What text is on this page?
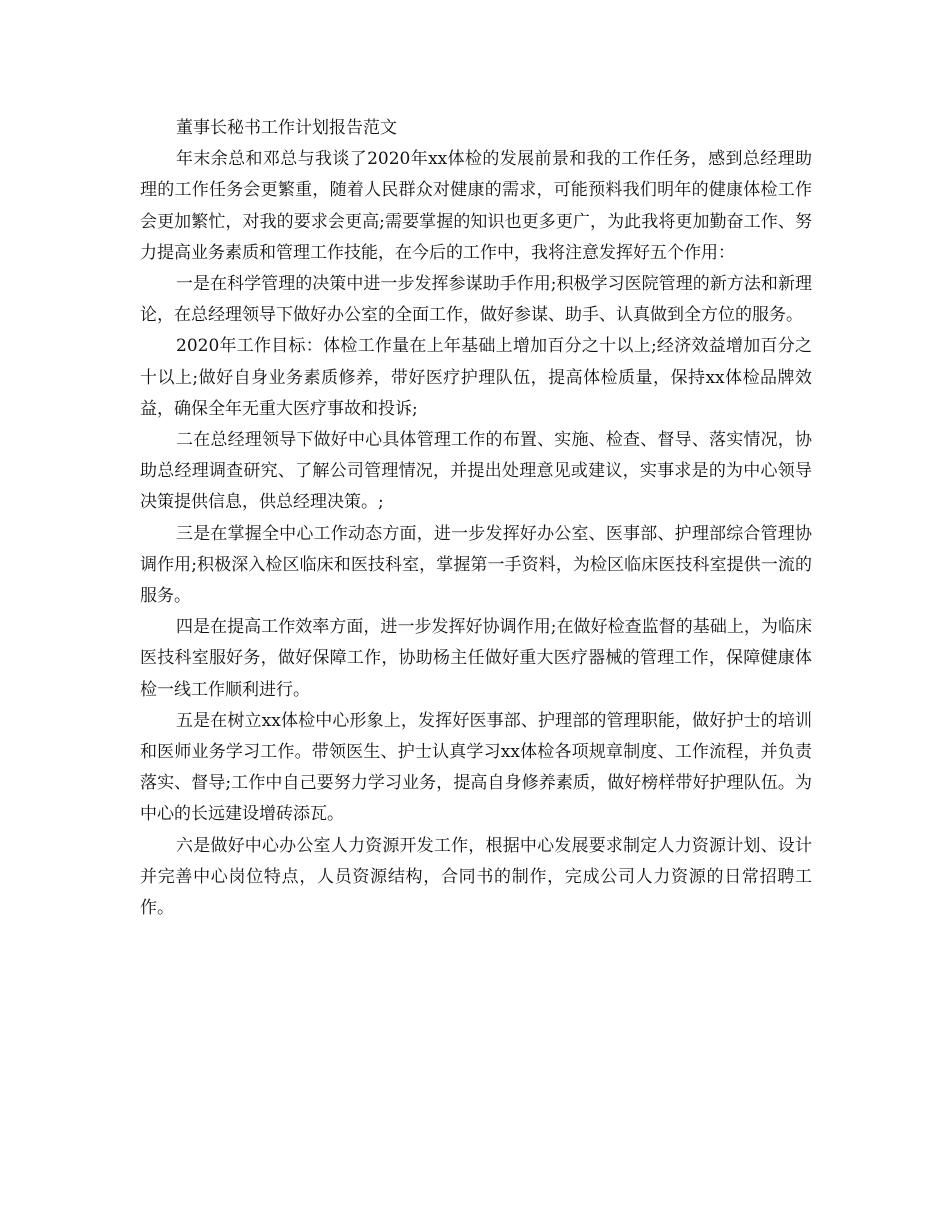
董事长秘书工作计划报告范文

年末余总和邓总与我谈了2020年xx体检的发展前景和我的工作任务，感到总经理助理的工作任务会更繁重，随着人民群众对健康的需求，可能预料我们明年的健康体检工作会更加繁忙，对我的要求会更高;需要掌握的知识也更多更广，为此我将更加勤奋工作、努力提高业务素质和管理工作技能，在今后的工作中，我将注意发挥好五个作用：

一是在科学管理的决策中进一步发挥参谋助手作用;积极学习医院管理的新方法和新理论，在总经理领导下做好办公室的全面工作，做好参谋、助手、认真做到全方位的服务。

2020年工作目标：体检工作量在上年基础上增加百分之十以上;经济效益增加百分之十以上;做好自身业务素质修养，带好医疗护理队伍，提高体检质量，保持xx体检品牌效益，确保全年无重大医疗事故和投诉;

二在总经理领导下做好中心具体管理工作的布置、实施、检查、督导、落实情况，协助总经理调查研究、了解公司管理情况，并提出处理意见或建议，实事求是的为中心领导决策提供信息，供总经理决策。;

三是在掌握全中心工作动态方面，进一步发挥好办公室、医事部、护理部综合管理协调作用;积极深入检区临床和医技科室，掌握第一手资料，为检区临床医技科室提供一流的服务。

四是在提高工作效率方面，进一步发挥好协调作用;在做好检查监督的基础上，为临床医技科室服好务，做好保障工作，协助杨主任做好重大医疗器械的管理工作，保障健康体检一线工作顺利进行。

五是在树立xx体检中心形象上，发挥好医事部、护理部的管理职能，做好护士的培训和医师业务学习工作。带领医生、护士认真学习xx体检各项规章制度、工作流程，并负责落实、督导;工作中自己要努力学习业务，提高自身修养素质，做好榜样带好护理队伍。为中心的长远建设增砖添瓦。

六是做好中心办公室人力资源开发工作，根据中心发展要求制定人力资源计划、设计并完善中心岗位特点，人员资源结构，合同书的制作，完成公司人力资源的日常招聘工作。
